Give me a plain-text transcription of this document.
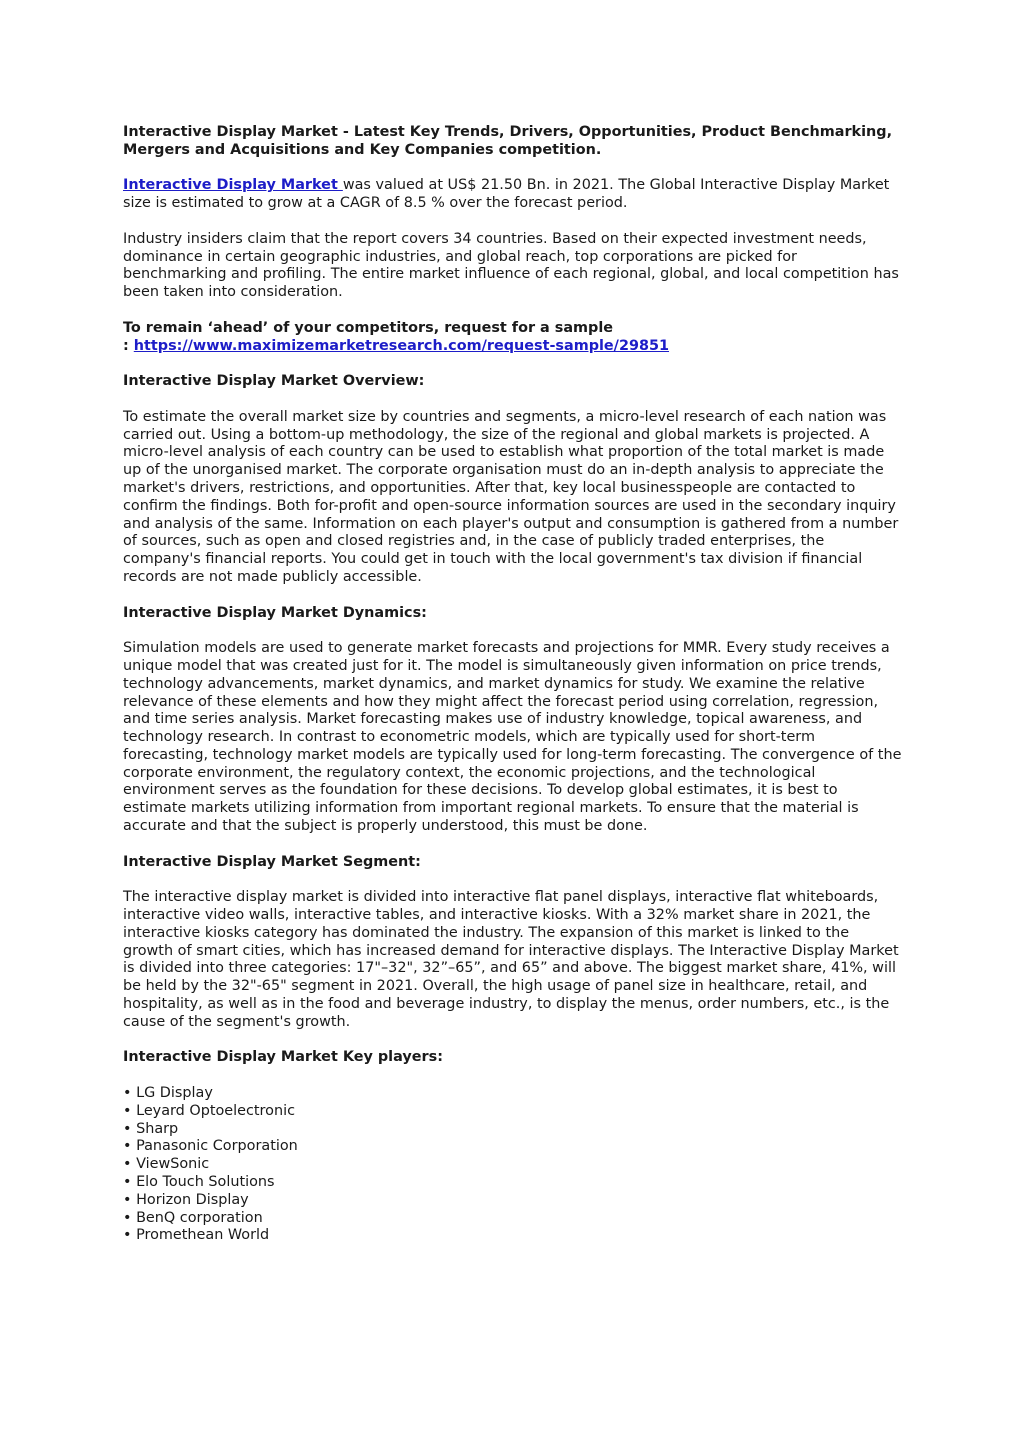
Interactive Display Market - Latest Key Trends, Drivers, Opportunities, Product Benchmarking, Mergers and Acquisitions and Key Companies competition.

Interactive Display Market was valued at US$ 21.50 Bn. in 2021. The Global Interactive Display Market size is estimated to grow at a CAGR of 8.5 % over the forecast period.

Industry insiders claim that the report covers 34 countries. Based on their expected investment needs, dominance in certain geographic industries, and global reach, top corporations are picked for benchmarking and profiling. The entire market influence of each regional, global, and local competition has been taken into consideration.

To remain ‘ahead’ of your competitors, request for a sample
: https://www.maximizemarketresearch.com/request-sample/29851

Interactive Display Market Overview:

To estimate the overall market size by countries and segments, a micro-level research of each nation was carried out. Using a bottom-up methodology, the size of the regional and global markets is projected. A micro-level analysis of each country can be used to establish what proportion of the total market is made up of the unorganised market. The corporate organisation must do an in-depth analysis to appreciate the market's drivers, restrictions, and opportunities. After that, key local businesspeople are contacted to confirm the findings. Both for-profit and open-source information sources are used in the secondary inquiry and analysis of the same. Information on each player's output and consumption is gathered from a number of sources, such as open and closed registries and, in the case of publicly traded enterprises, the company's financial reports. You could get in touch with the local government's tax division if financial records are not made publicly accessible.

Interactive Display Market Dynamics:

Simulation models are used to generate market forecasts and projections for MMR. Every study receives a unique model that was created just for it. The model is simultaneously given information on price trends, technology advancements, market dynamics, and market dynamics for study. We examine the relative relevance of these elements and how they might affect the forecast period using correlation, regression, and time series analysis. Market forecasting makes use of industry knowledge, topical awareness, and technology research. In contrast to econometric models, which are typically used for short-term forecasting, technology market models are typically used for long-term forecasting. The convergence of the corporate environment, the regulatory context, the economic projections, and the technological environment serves as the foundation for these decisions. To develop global estimates, it is best to estimate markets utilizing information from important regional markets. To ensure that the material is accurate and that the subject is properly understood, this must be done.

Interactive Display Market Segment:

The interactive display market is divided into interactive flat panel displays, interactive flat whiteboards, interactive video walls, interactive tables, and interactive kiosks. With a 32% market share in 2021, the interactive kiosks category has dominated the industry. The expansion of this market is linked to the growth of smart cities, which has increased demand for interactive displays. The Interactive Display Market is divided into three categories: 17"–32", 32”–65”, and 65” and above. The biggest market share, 41%, will be held by the 32"-65" segment in 2021. Overall, the high usage of panel size in healthcare, retail, and hospitality, as well as in the food and beverage industry, to display the menus, order numbers, etc., is the cause of the segment's growth.

Interactive Display Market Key players:
• LG Display
• Leyard Optoelectronic
• Sharp
• Panasonic Corporation
• ViewSonic
• Elo Touch Solutions
• Horizon Display
• BenQ corporation
• Promethean World
